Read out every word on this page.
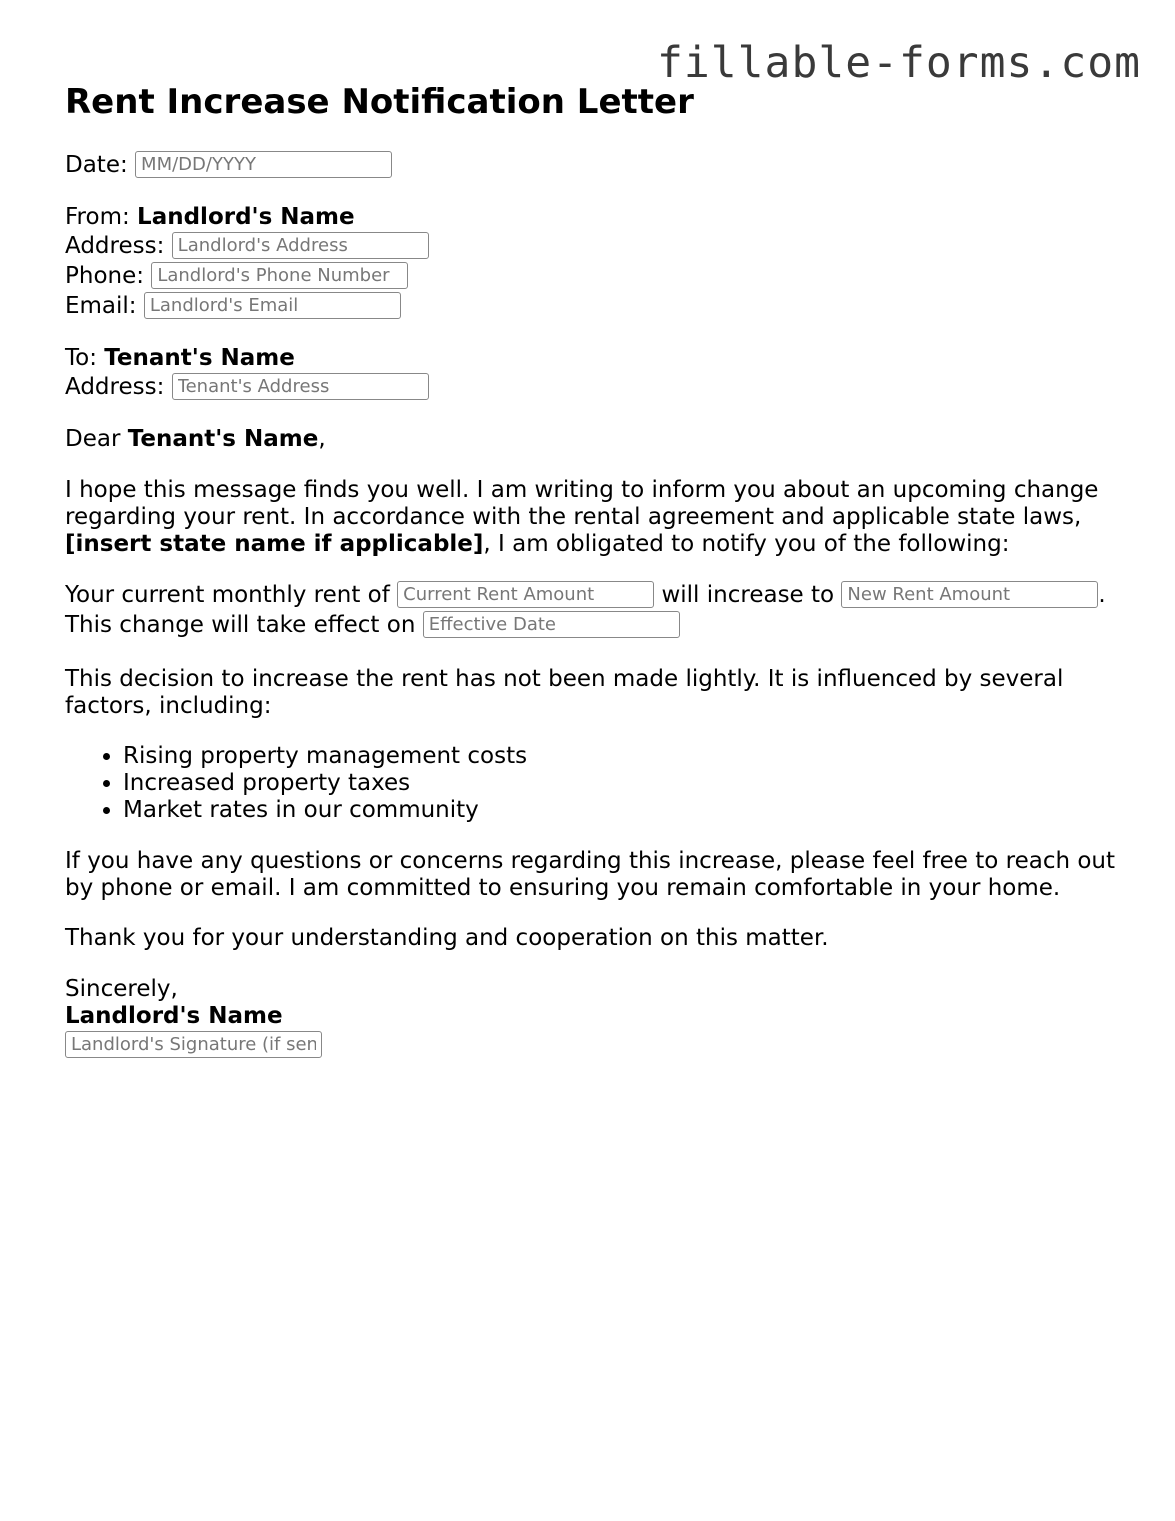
fillable-forms.com
Rent Increase Notification Letter
Date: MM/DD/YYYY
From: Landlord's Name
Address: Landlord's Address
Phone: Landlord's Phone Number
Email: Landlord's Email
To: Tenant's Name
Address: Tenant's Address

Dear Tenant's Name,

I hope this message finds you well. I am writing to inform you about an upcoming change regarding your rent. In accordance with the rental agreement and applicable state laws, [insert state name if applicable], I am obligated to notify you of the following:

Your current monthly rent of Current Rent Amount	will increase to New Rent Amount	.
This change will take effect on Effective Date

This decision to increase the rent has not been made lightly. It is influenced by several factors, including:

• Rising property management costs
• Increased property taxes
• Market rates in our community

If you have any questions or concerns regarding this increase, please feel free to reach out by phone or email. I am committed to ensuring you remain comfortable in your home.

Thank you for your understanding and cooperation on this matter.

Sincerely,
Landlord's Name
Landlord's Signature (if sent by mail)
